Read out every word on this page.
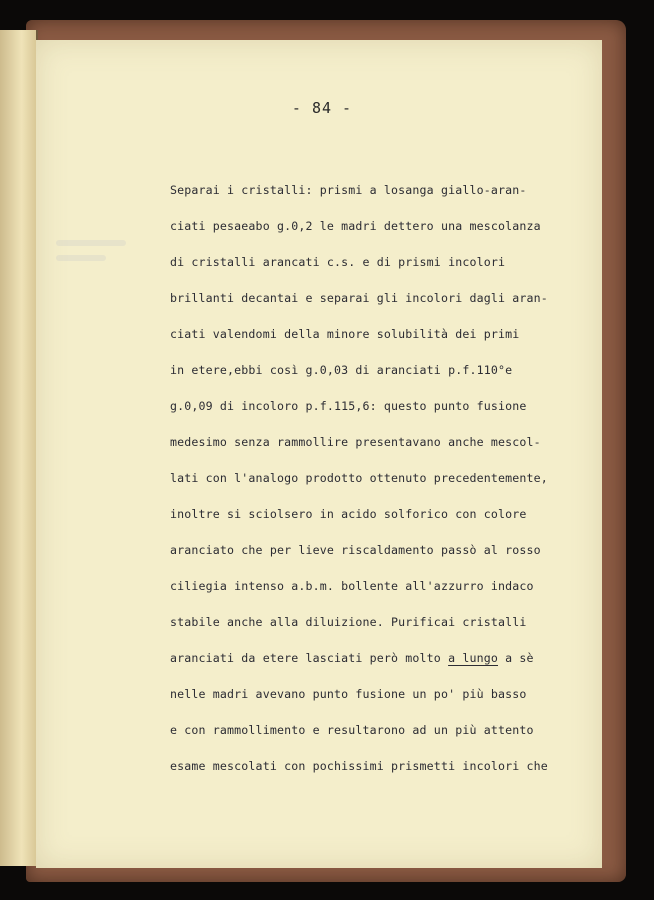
- 84 -
Separai i cristalli: prismi a losanga giallo-aran-
ciati pesaeabo g.0,2 le madri dettero una mescolanza
di cristalli arancati c.s. e di prismi incolori
brillanti decantai e separai gli incolori dagli aran-
ciati valendomi della minore solubilità dei primi
in etere,ebbi così g.0,03 di aranciati p.f.110°e
g.0,09 di incoloro p.f.115,6: questo punto fusione
medesimo senza rammollire presentavano anche mescol-
lati con l'analogo prodotto ottenuto precedentemente,
inoltre si sciolsero in acido solforico con colore
aranciato che per lieve riscaldamento passò al rosso
ciliegia intenso a.b.m. bollente all'azzurro indaco
stabile anche alla diluizione. Purificai cristalli
aranciati da etere lasciati però molto a lungo a sè
nelle madri avevano punto fusione un po' più basso
e con rammollimento e resultarono ad un più attento
esame mescolati con pochissimi prismetti incolori che
